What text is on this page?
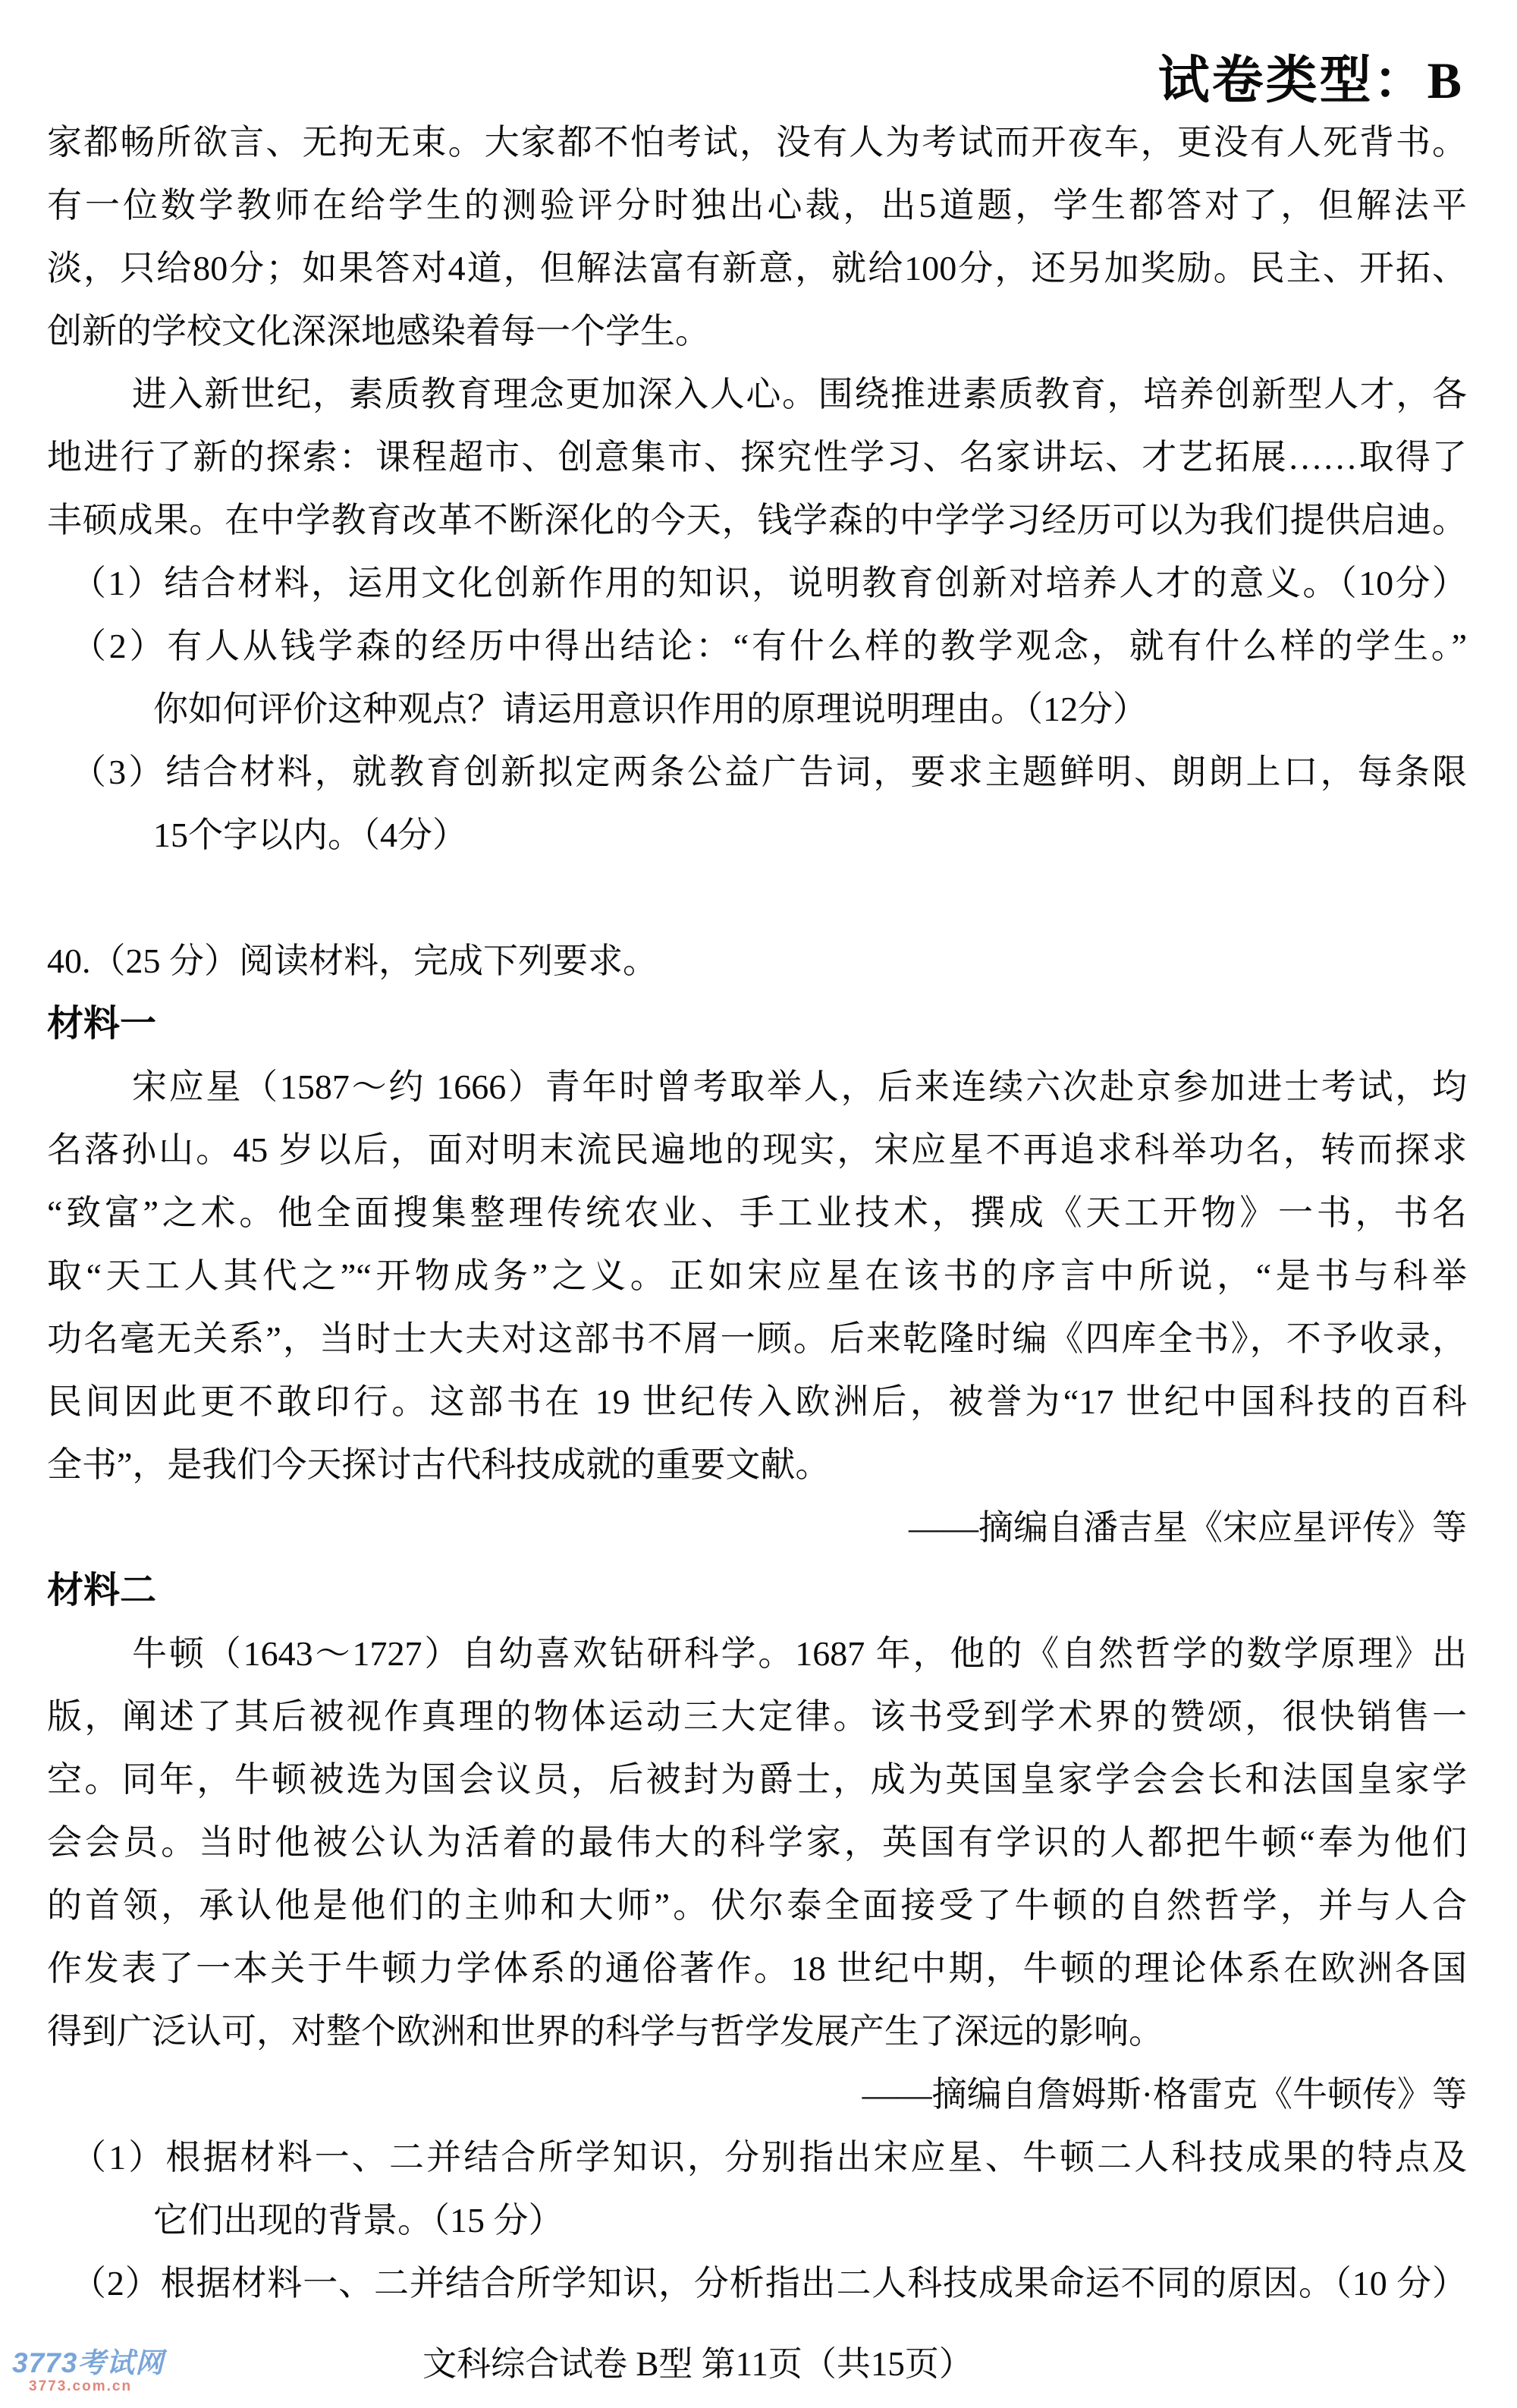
试卷类型：B
家都畅所欲言、无拘无束。大家都不怕考试，没有人为考试而开夜车，更没有人死背书。
有一位数学教师在给学生的测验评分时独出心裁，出5道题，学生都答对了，但解法平
淡，只给80分；如果答对4道，但解法富有新意，就给100分，还另加奖励。民主、开拓、
创新的学校文化深深地感染着每一个学生。
进入新世纪，素质教育理念更加深入人心。围绕推进素质教育，培养创新型人才，各
地进行了新的探索：课程超市、创意集市、探究性学习、名家讲坛、才艺拓展……取得了
丰硕成果。在中学教育改革不断深化的今天，钱学森的中学学习经历可以为我们提供启迪。
（1）结合材料，运用文化创新作用的知识，说明教育创新对培养人才的意义。（10分）
（2）有人从钱学森的经历中得出结论：“有什么样的教学观念，就有什么样的学生。”
你如何评价这种观点？请运用意识作用的原理说明理由。（12分）
（3）结合材料，就教育创新拟定两条公益广告词，要求主题鲜明、朗朗上口，每条限
15个字以内。（4分）
40.（25 分）阅读材料，完成下列要求。
材料一
宋应星（1587～约 1666）青年时曾考取举人，后来连续六次赴京参加进士考试，均
名落孙山。45 岁以后，面对明末流民遍地的现实，宋应星不再追求科举功名，转而探求
“致富”之术。他全面搜集整理传统农业、手工业技术，撰成《天工开物》一书，书名
取“天工人其代之”“开物成务”之义。正如宋应星在该书的序言中所说，“是书与科举
功名毫无关系”，当时士大夫对这部书不屑一顾。后来乾隆时编《四库全书》，不予收录，
民间因此更不敢印行。这部书在 19 世纪传入欧洲后，被誉为“17 世纪中国科技的百科
全书”，是我们今天探讨古代科技成就的重要文献。
——摘编自潘吉星《宋应星评传》等
材料二
牛顿（1643～1727）自幼喜欢钻研科学。1687 年，他的《自然哲学的数学原理》出
版，阐述了其后被视作真理的物体运动三大定律。该书受到学术界的赞颂，很快销售一
空。同年，牛顿被选为国会议员，后被封为爵士，成为英国皇家学会会长和法国皇家学
会会员。当时他被公认为活着的最伟大的科学家，英国有学识的人都把牛顿“奉为他们
的首领，承认他是他们的主帅和大师”。伏尔泰全面接受了牛顿的自然哲学，并与人合
作发表了一本关于牛顿力学体系的通俗著作。18 世纪中期，牛顿的理论体系在欧洲各国
得到广泛认可，对整个欧洲和世界的科学与哲学发展产生了深远的影响。
——摘编自詹姆斯·格雷克《牛顿传》等
（1）根据材料一、二并结合所学知识，分别指出宋应星、牛顿二人科技成果的特点及
它们出现的背景。（15 分）
（2）根据材料一、二并结合所学知识，分析指出二人科技成果命运不同的原因。（10 分）
文科综合试卷 B型 第11页（共15页）
3773考试网
3773.com.cn
